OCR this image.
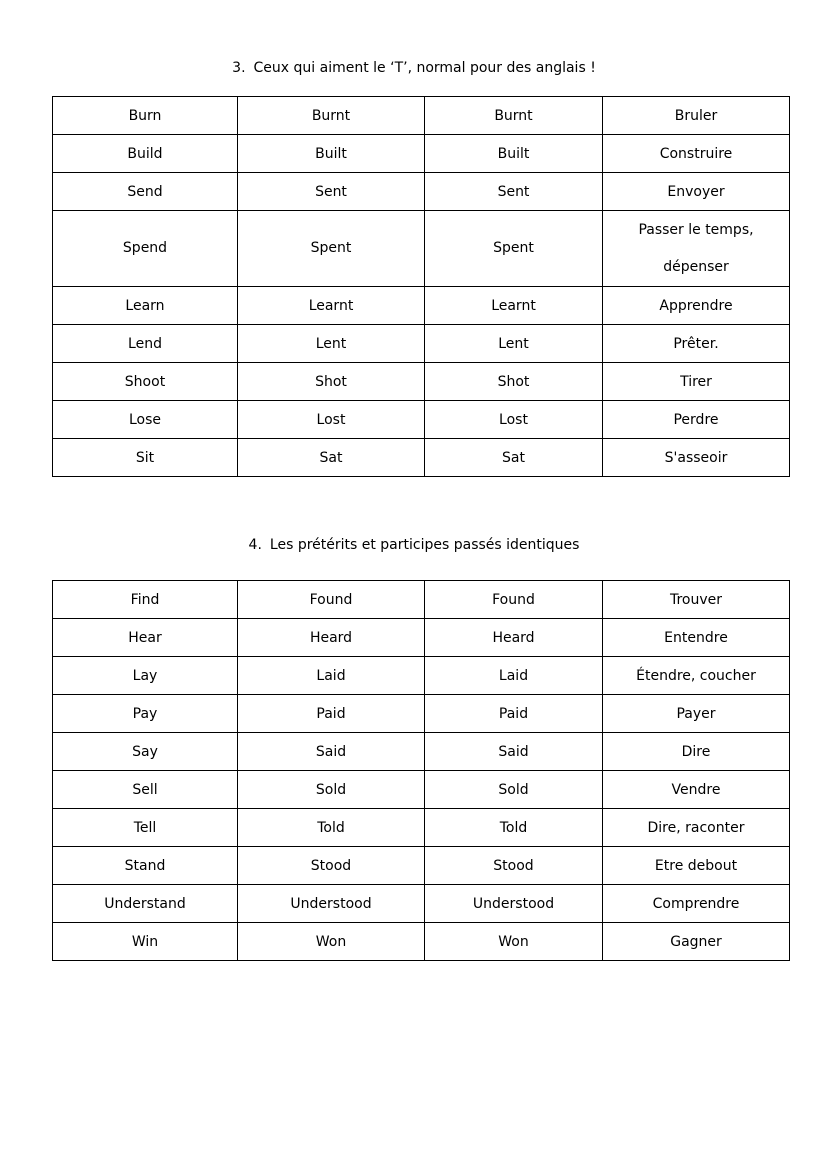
3. Ceux qui aiment le ‘T’, normal pour des anglais !
Burn	Burnt	Burnt	Bruler
Build	Built	Built	Construire
Send	Sent	Sent	Envoyer
Spend	Spent	Spent	Passer le temps,
dépenser

Learn	Learnt	Learnt	Apprendre
Lend	Lent	Lent	Prêter.
Shoot	Shot	Shot	Tirer
Lose	Lost	Lost	Perdre
Sit	Sat	Sat	S'asseoir
4. Les prétérits et participes passés identiques
Find	Found	Found	Trouver
Hear	Heard	Heard	Entendre
Lay	Laid	Laid	Étendre, coucher
Pay	Paid	Paid	Payer
Say	Said	Said	Dire
Sell	Sold	Sold	Vendre
Tell	Told	Told	Dire, raconter
Stand	Stood	Stood	Etre debout
Understand	Understood	Understood	Comprendre
Win	Won	Won	Gagner
